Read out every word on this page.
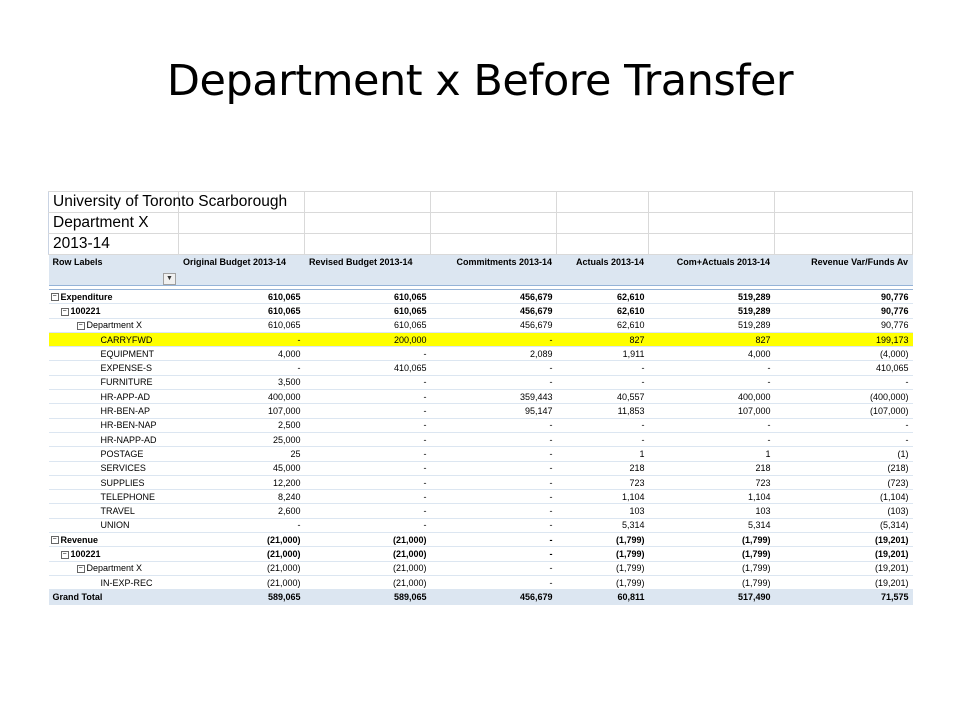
Department x Before Transfer
University of Toronto Scarborough						
Department X						
2013-14						

Row Labels
▼	Original Budget 2013-14	Revised Budget 2013-14	Commitments 2013-14	Actuals 2013-14	Com+Actuals 2013-14	Revenue Var/Funds Av

− Expenditure	610,065	610,065	456,679	62,610	519,289	90,776
− 100221	610,065	610,065	456,679	62,610	519,289	90,776
− Department X	610,065	610,065	456,679	62,610	519,289	90,776
CARRYFWD	-	200,000	-	827	827	199,173
EQUIPMENT	4,000	-	2,089	1,911	4,000	(4,000)
EXPENSE-S	-	410,065	-	-	-	410,065
FURNITURE	3,500	-	-	-	-	-
HR-APP-AD	400,000	-	359,443	40,557	400,000	(400,000)
HR-BEN-AP	107,000	-	95,147	11,853	107,000	(107,000)
HR-BEN-NAP	2,500	-	-	-	-	-
HR-NAPP-AD	25,000	-	-	-	-	-
POSTAGE	25	-	-	1	1	(1)
SERVICES	45,000	-	-	218	218	(218)
SUPPLIES	12,200	-	-	723	723	(723)
TELEPHONE	8,240	-	-	1,104	1,104	(1,104)
TRAVEL	2,600	-	-	103	103	(103)
UNION	-	-	-	5,314	5,314	(5,314)
− Revenue	(21,000)	(21,000)	-	(1,799)	(1,799)	(19,201)
− 100221	(21,000)	(21,000)	-	(1,799)	(1,799)	(19,201)
− Department X	(21,000)	(21,000)	-	(1,799)	(1,799)	(19,201)
IN-EXP-REC	(21,000)	(21,000)	-	(1,799)	(1,799)	(19,201)
Grand Total	589,065	589,065	456,679	60,811	517,490	71,575
